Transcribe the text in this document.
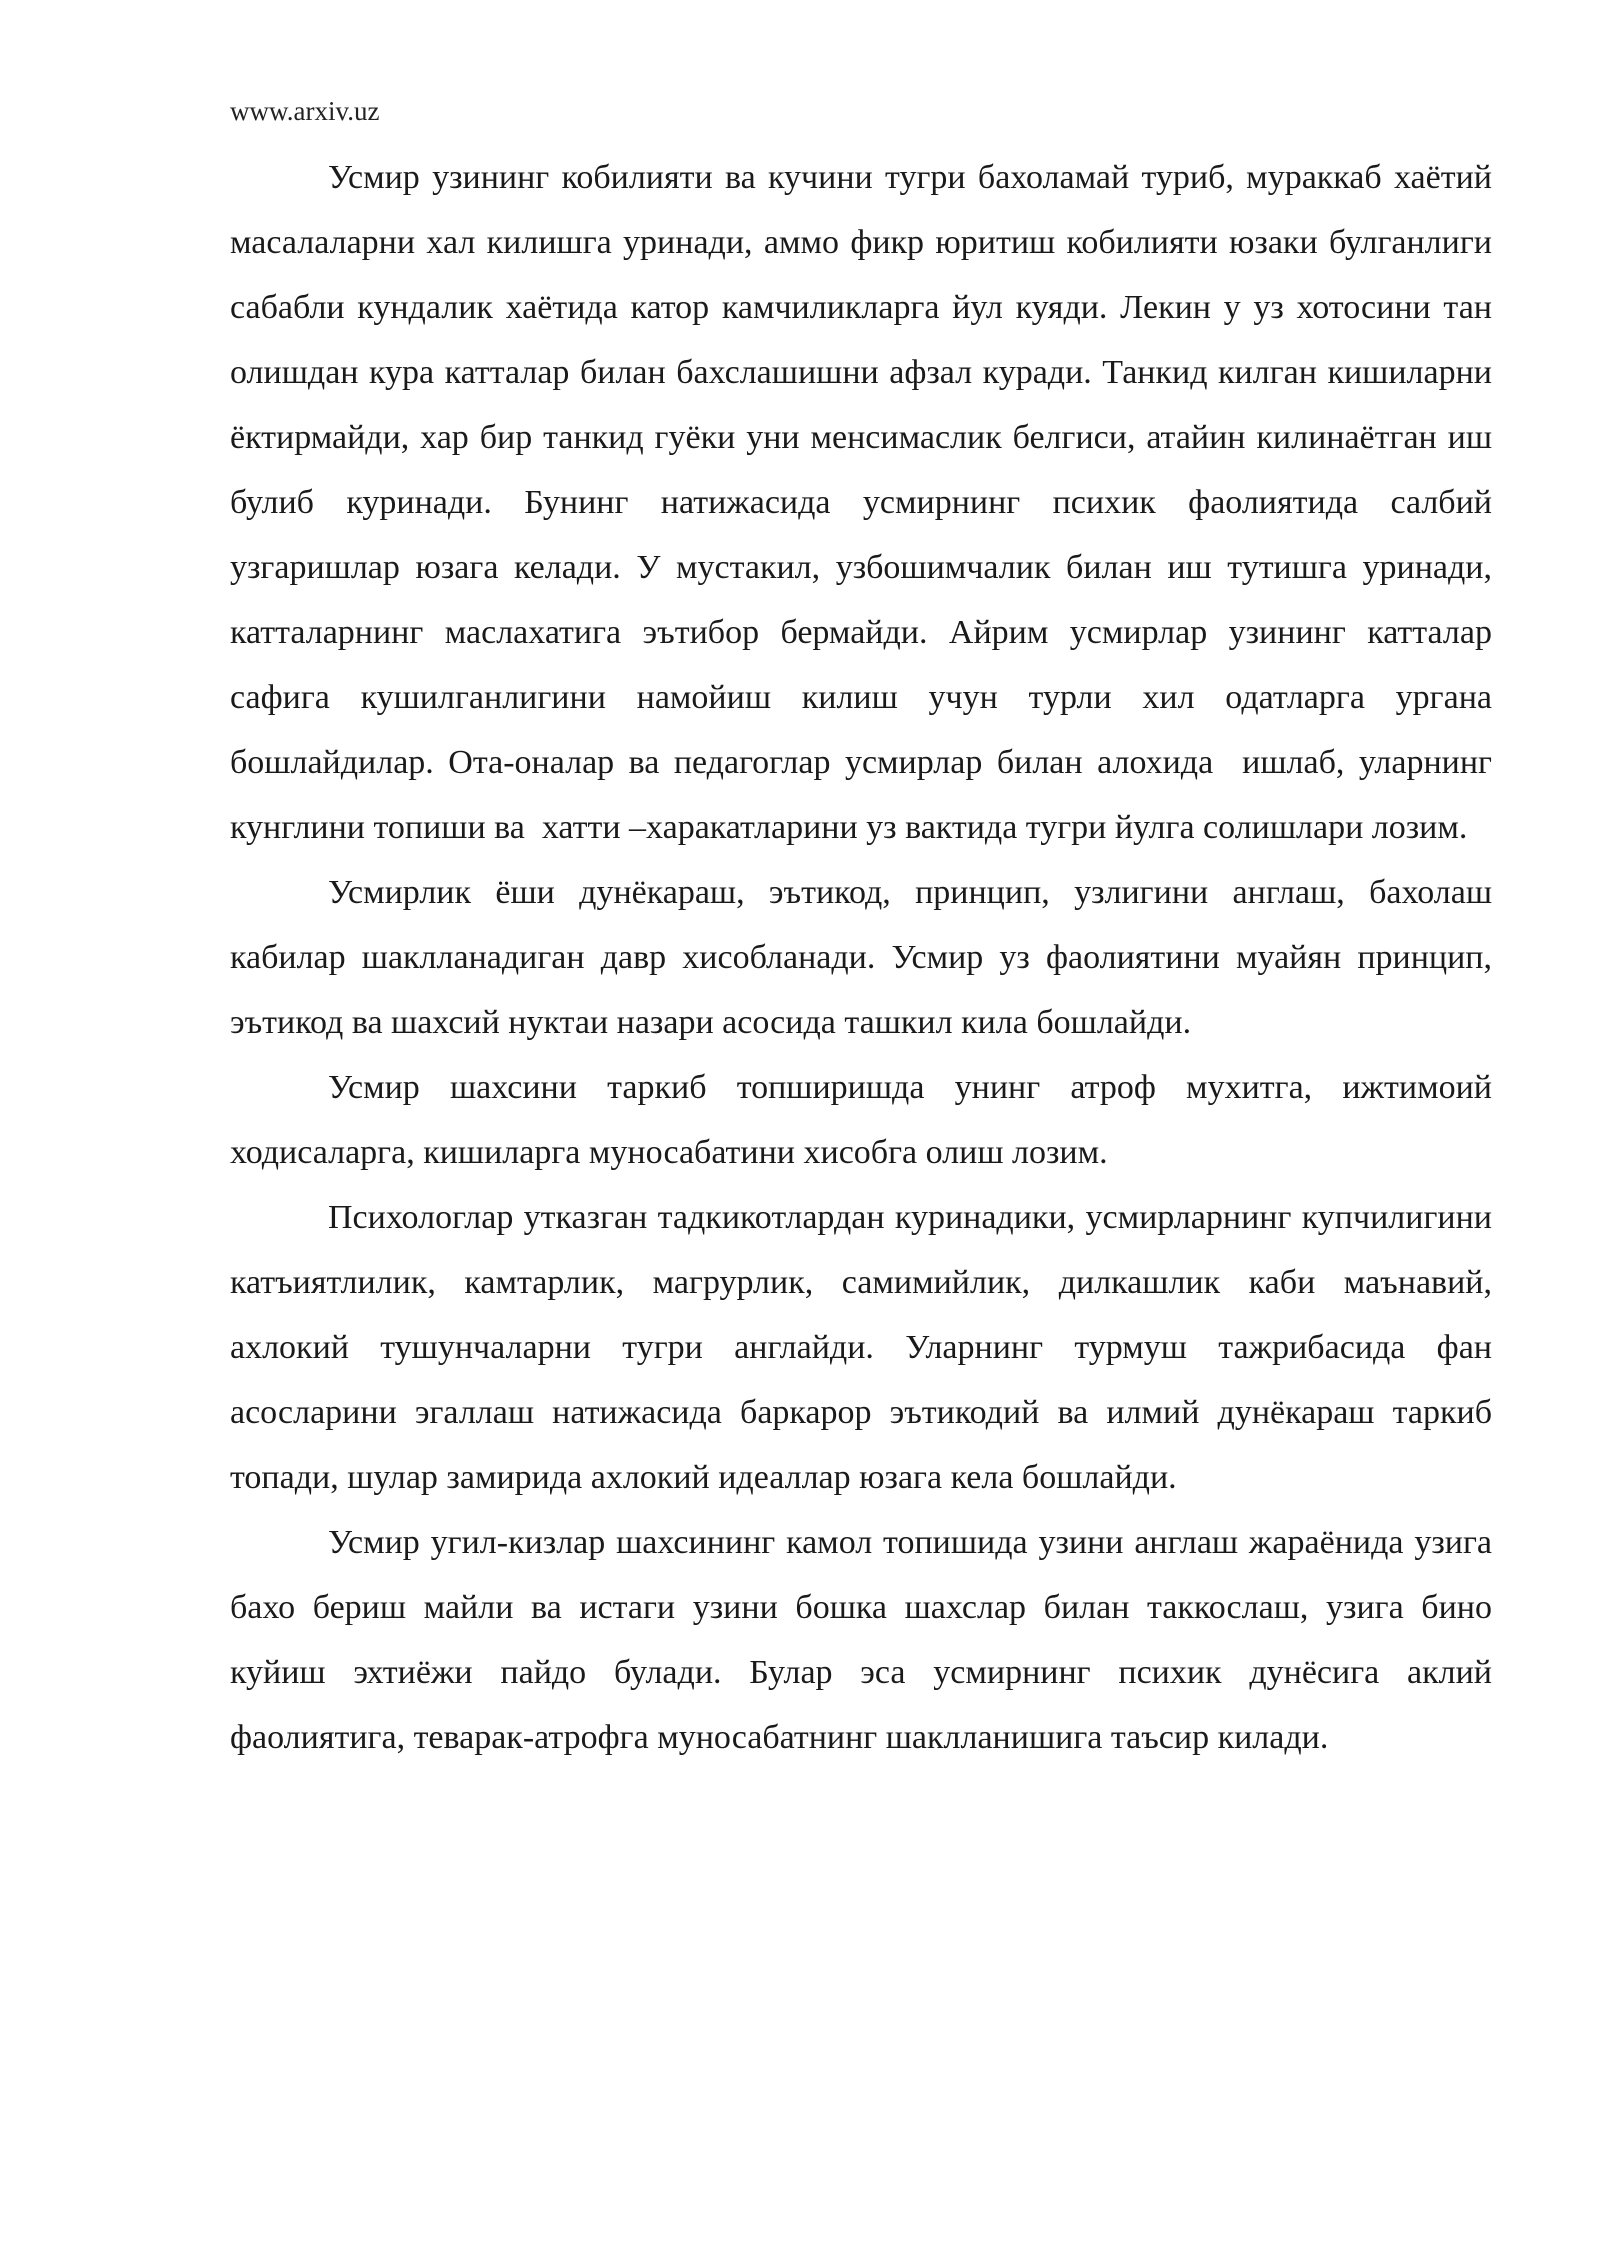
www.arxiv.uz

Усмир узининг кобилияти ва кучини тугри бахоламай туриб, мураккаб хаётий масалаларни хал килишга уринади, аммо фикр юритиш кобилияти юзаки булганлиги сабабли кундалик хаётида катор камчиликларга йул куяди. Лекин у уз хотосини тан олишдан кура катталар билан бахслашишни афзал куради. Танкид килган кишиларни ёктирмайди, хар бир танкид гуёки уни менсимаслик белгиси, атайин килинаётган иш булиб куринади. Бунинг натижасида усмирнинг психик фаолиятида салбий узгаришлар юзага келади. У мустакил, узбошимчалик билан иш тутишга уринади, катталарнинг маслахатига эътибор бермайди. Айрим усмирлар узининг катталар сафига кушилганлигини намойиш килиш учун турли хил одатларга ургана бошлайдилар. Ота-оналар ва педагоглар усмирлар билан алохида  ишлаб, уларнинг кунглини топиши ва  хатти –харакатларини уз вактида тугри йулга солишлари лозим.

Усмирлик ёши дунёкараш, эътикод, принцип, узлигини англаш, бахолаш кабилар шаклланадиган давр хисобланади. Усмир уз фаолиятини муайян принцип, эътикод ва шахсий нуктаи назари асосида ташкил кила бошлайди.

Усмир шахсини таркиб топширишда унинг атроф мухитга, ижтимоий ходисаларга, кишиларга муносабатини хисобга олиш лозим.

Психологлар утказган тадкикотлардан куринадики, усмирларнинг купчилигини катъиятлилик, камтарлик, магрурлик, самимийлик, дилкашлик каби маънавий, ахлокий тушунчаларни тугри англайди. Уларнинг турмуш тажрибасида фан асосларини эгаллаш натижасида баркарор эътикодий ва илмий дунёкараш таркиб топади, шулар замирида ахлокий идеаллар юзага кела бошлайди.

Усмир угил-кизлар шахсининг камол топишида узини англаш жараёнида узига бахо бериш майли ва истаги узини бошка шахслар билан таккослаш, узига бино куйиш эхтиёжи пайдо булади. Булар эса усмирнинг психик дунёсига аклий фаолиятига, теварак-атрофга муносабатнинг шаклланишига таъсир килади.
